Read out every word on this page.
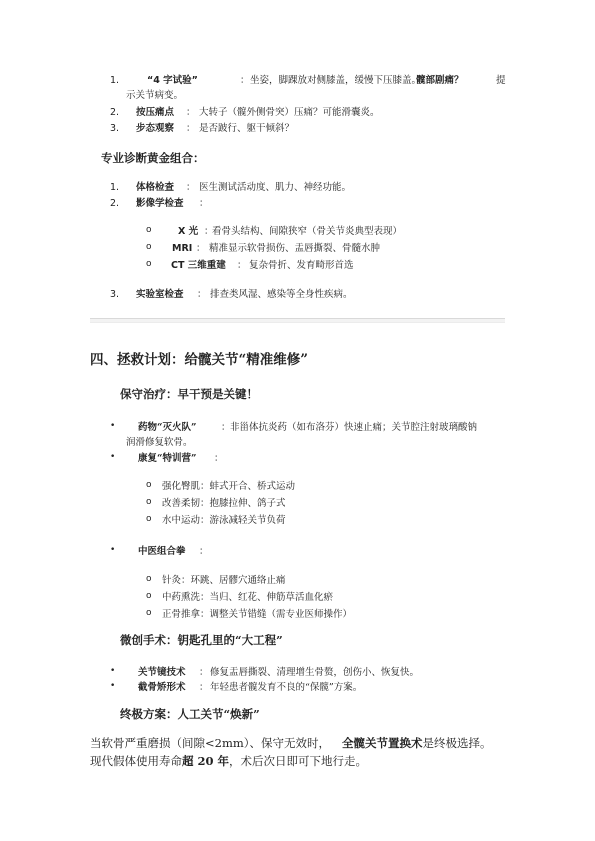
1.	“4 字试验”	： 坐姿，脚踝放对侧膝盖，缓慢下压膝盖。
髋部剧痛？	提
示关节病变。
2. 按压痛点 ： 大转子（髋外侧骨突）压痛？可能滑囊炎。
3. 步态观察 ： 是否跛行、躯干倾斜？
专业诊断黄金组合：
1. 体格检查 ： 医生测试活动度、肌力、神经功能。
2. 影像学检查 ：
o	X 光 ：
看骨头结构、间隙狭窄（骨关节炎典型表现）
o MRI ： 精准显示软骨损伤、盂唇撕裂、骨髓水肿
o CT 三维重建 ： 复杂骨折、发育畸形首选
3. 实验室检查 ： 排查类风湿、感染等全身性疾病。
四、拯救计划：给髋关节“精准维修”
保守治疗：早干预是关键！
• 药物“灭火队”	： 非甾体抗炎药（如布洛芬）快速止痛；关节腔注射玻璃酸钠
润滑修复软骨。
• 康复“特训营” ：
o 强化臀肌：蚌式开合、桥式运动
o 改善柔韧：抱膝拉伸、鸽子式
o 水中运动：游泳减轻关节负荷
• 中医组合拳 ：
o 针灸：环跳、居髎穴通络止痛
o 中药熏洗：当归、红花、伸筋草活血化瘀
o 正骨推拿：调整关节错缝（需专业医师操作）
微创手术：钥匙孔里的“大工程”
• 关节镜技术 ： 修复盂唇撕裂、清理增生骨赘，创伤小、恢复快。
• 截骨矫形术 ： 年轻患者髋发育不良的“保髋”方案。
终极方案：人工关节“焕新”
当软骨严重磨损（间隙<2mm）、保守无效时， 全髋关节置换术是终极选择。
现代假体使用寿命超 20 年，术后次日即可下地行走。
